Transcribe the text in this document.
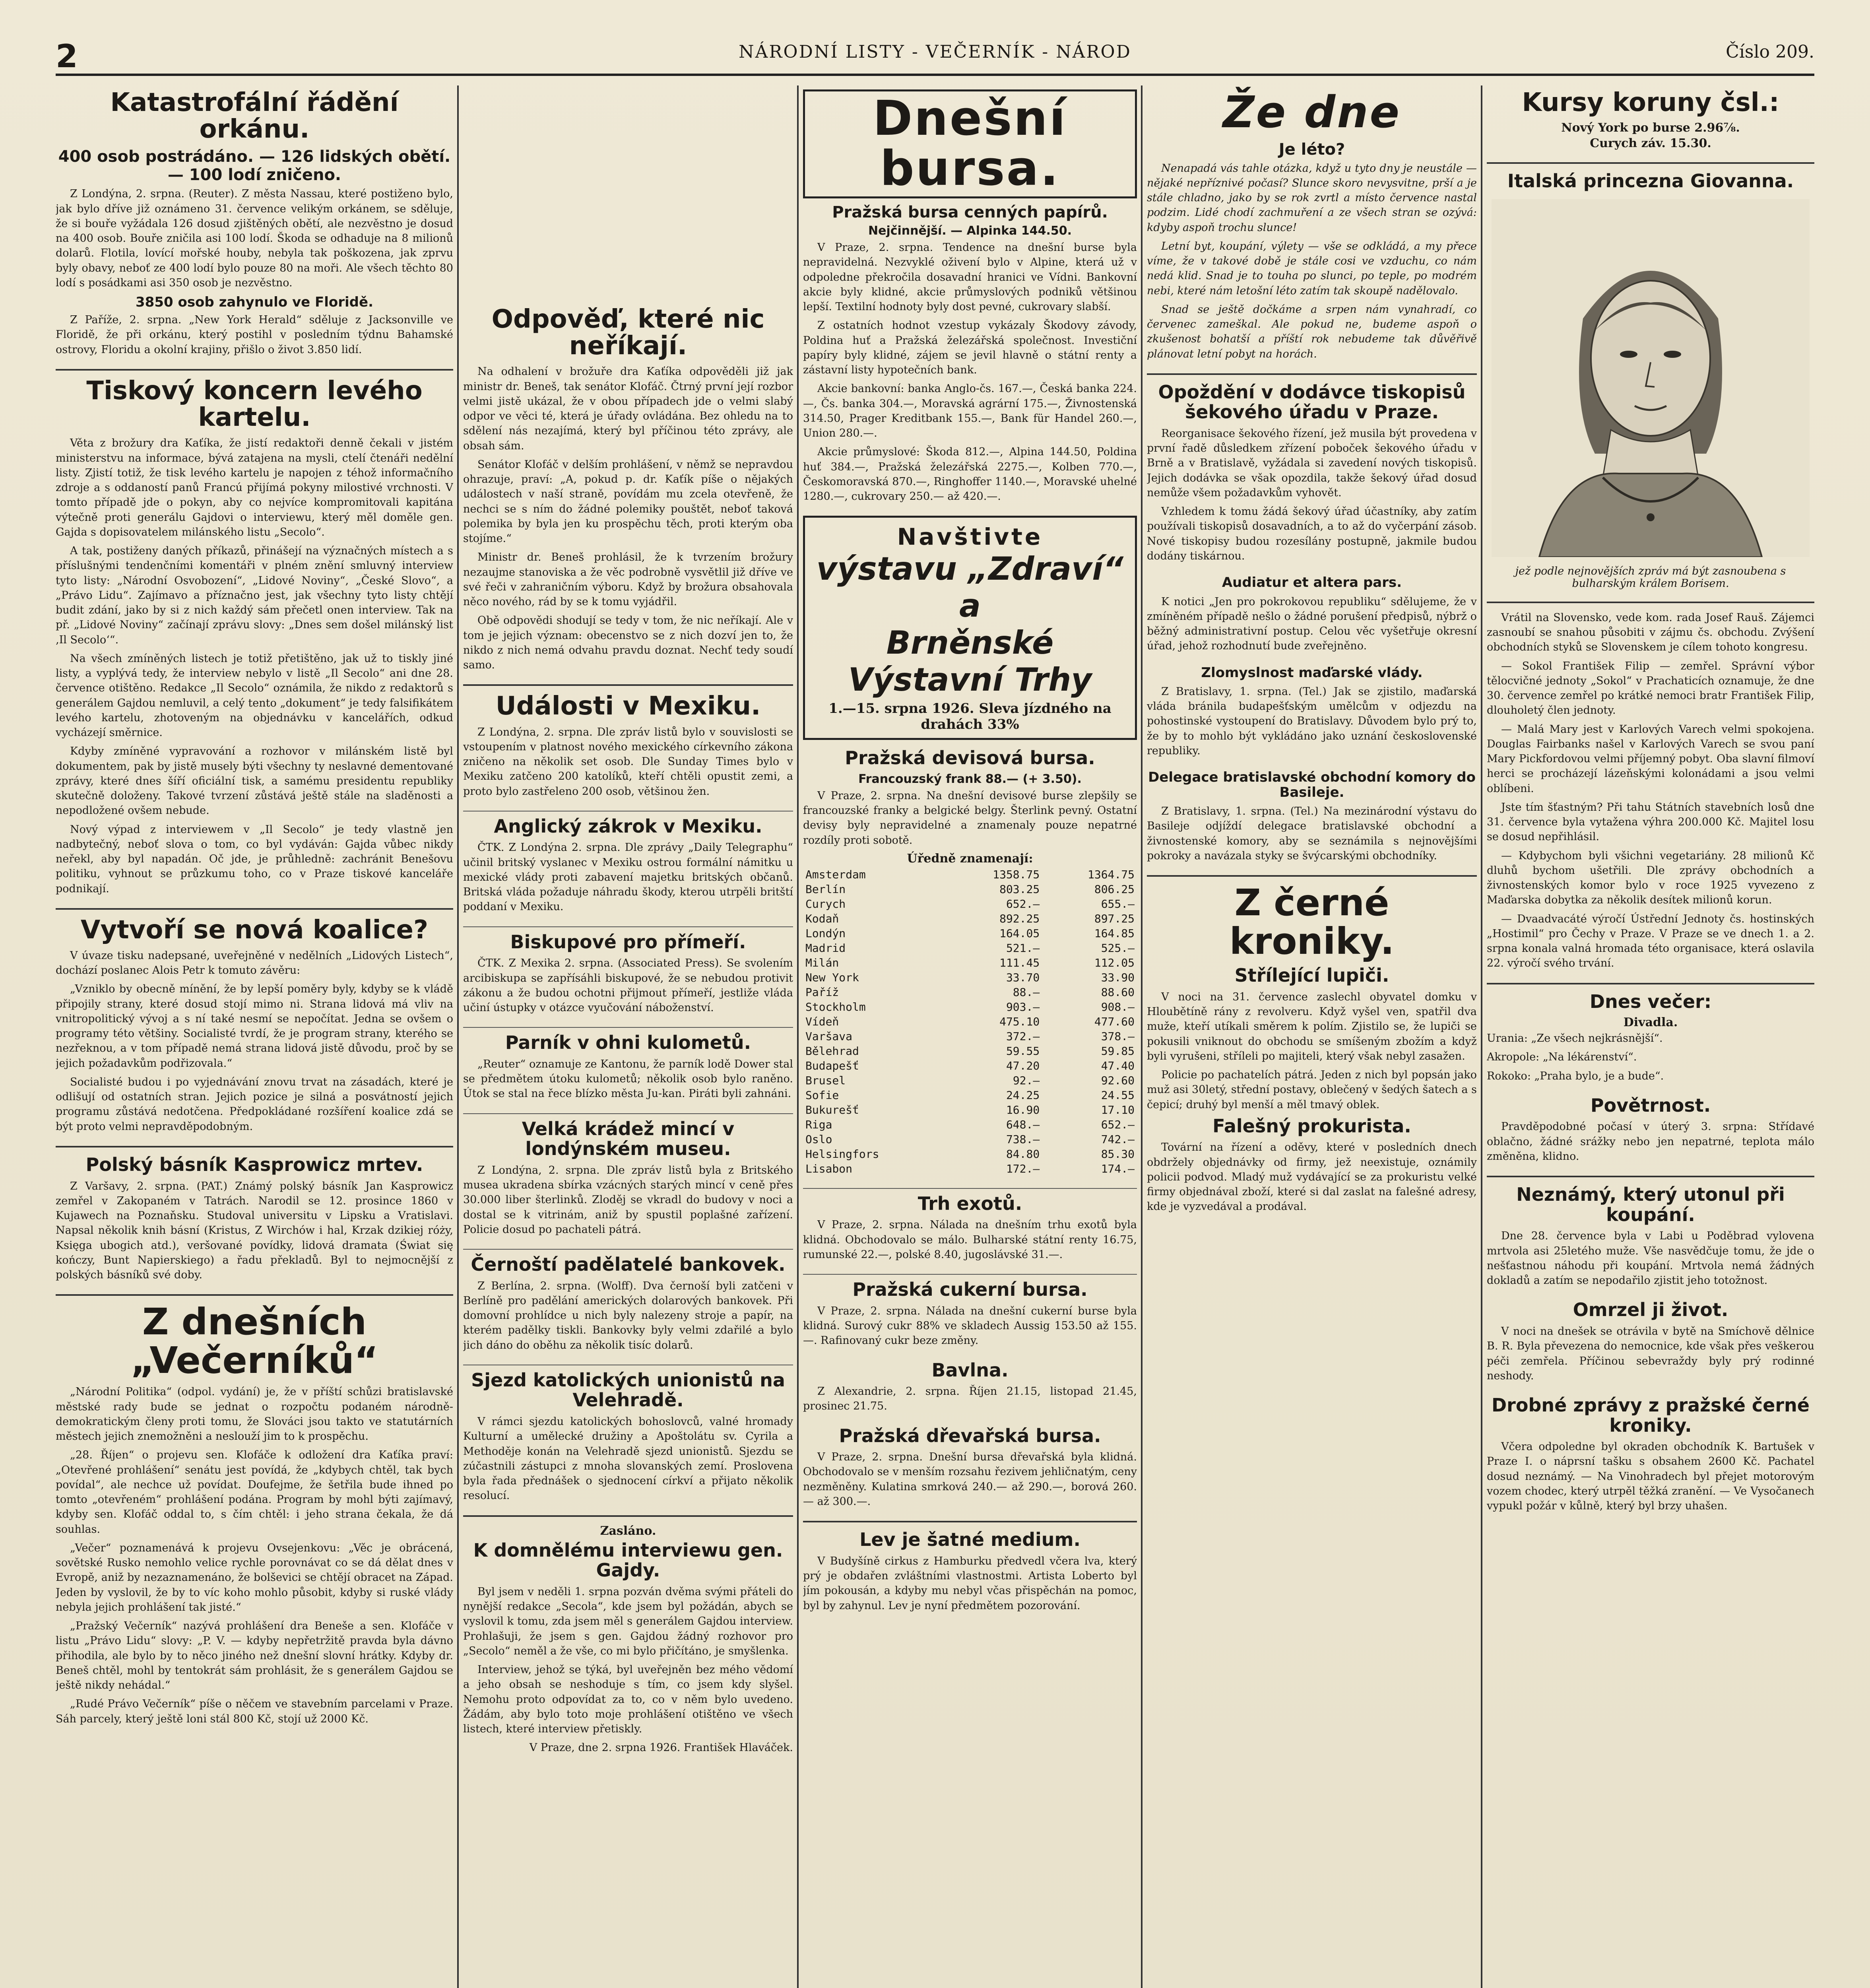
2	NÁRODNÍ LISTY - VEČERNÍK - NÁROD	Číslo 209.
Katastrofální řádění orkánu.
400 osob postrádáno. — 126 lidských obětí. — 100 lodí zničeno.

Z Londýna, 2. srpna. (Reuter). Z města Nassau, které postiženo bylo, jak bylo dříve již oznámeno 31. července velikým orkánem, se sděluje, že si bouře vyžádala 126 dosud zjištěných obětí, ale nezvěstno je dosud na 400 osob. Bouře zničila asi 100 lodí. Škoda se odhaduje na 8 milionů dolarů. Flotila, lovící mořské houby, nebyla tak poškozena, jak zprvu byly obavy, neboť ze 400 lodí bylo pouze 80 na moři. Ale všech těchto 80 lodí s posádkami asi 350 osob je nezvěstno.

3850 osob zahynulo ve Floridě.

Z Paříže, 2. srpna. „New York Herald“ sděluje z Jacksonville ve Floridě, že při orkánu, který postihl v posledním týdnu Bahamské ostrovy, Floridu a okolní krajiny, přišlo o život 3.850 lidí.

Tiskový koncern levého kartelu.

Věta z brožury dra Kaťíka, že jistí redaktoři denně čekali v jistém ministerstvu na informace, bývá zatajena na mysli, ctelí čtenáři nedělní listy. Zjistí totiž, že tisk levého kartelu je napojen z téhož informačního zdroje a s oddaností panů Francú přijímá pokyny milostivé vrchnosti. V tomto případě jde o pokyn, aby co nejvíce kompromitovali kapitána výtečně proti generálu Gajdovi o interviewu, který měl doměle gen. Gajda s dopisovatelem milánského listu „Secolo“.

A tak, postiženy daných příkazů, přinášejí na význačných místech a s příslušnými tendenčními komentáři v plném znění smluvný interview tyto listy: „Národní Osvobození“, „Lidové Noviny“, „České Slovo“, a „Právo Lidu“. Zajímavo a příznačno jest, jak všechny tyto listy chtějí budit zdání, jako by si z nich každý sám přečetl onen interview. Tak na př. „Lidové Noviny“ začínají zprávu slovy: „Dnes sem došel milánský list ‚Il Secolo‘“.

Na všech zmíněných listech je totiž přetištěno, jak už to tiskly jiné listy, a vyplývá tedy, že interview nebylo v listě „Il Secolo“ ani dne 28. července otištěno. Redakce „Il Secolo“ oznámila, že nikdo z redaktorů s generálem Gajdou nemluvil, a celý tento „dokument“ je tedy falsifikátem levého kartelu, zhotoveným na objednávku v kancelářích, odkud vycházejí směrnice.

Kdyby zmíněné vypravování a rozhovor v milánském listě byl dokumentem, pak by jistě musely býti všechny ty neslavné dementované zprávy, které dnes šíří oficiální tisk, a samému presidentu republiky skutečně doloženy. Takové tvrzení zůstává ještě stále na sladěnosti a nepodložené ovšem nebude.

Nový výpad z interviewem v „Il Secolo“ je tedy vlastně jen nadbytečný, neboť slova o tom, co byl vydáván: Gajda vůbec nikdy neřekl, aby byl napadán. Oč jde, je průhledně: zachránit Benešovu politiku, vyhnout se průzkumu toho, co v Praze tiskové kanceláře podnikají.

Vytvoří se nová koalice?

V úvaze tisku nadepsané, uveřejněné v nedělních „Lidových Listech“, dochází poslanec Alois Petr k tomuto závěru:

„Vzniklo by obecně mínění, že by lepší poměry byly, kdyby se k vládě připojily strany, které dosud stojí mimo ni. Strana lidová má vliv na vnitropolitický vývoj a s ní také nesmí se nepočítat. Jedna se ovšem o programy této většiny. Socialisté tvrdí, že je program strany, kterého se nezřeknou, a v tom případě nemá strana lidová jistě důvodu, proč by se jejich požadavkům podřizovala.“

Socialisté budou i po vyjednávání znovu trvat na zásadách, které je odlišují od ostatních stran. Jejich pozice je silná a posvátností jejich programu zůstává nedotčena. Předpokládané rozšíření koalice zdá se být proto velmi nepravděpodobným.

Polský básník Kasprowicz mrtev.

Z Varšavy, 2. srpna. (PAT.) Známý polský básník Jan Kasprowicz zemřel v Zakopaném v Tatrách. Narodil se 12. prosince 1860 v Kujawech na Poznaňsku. Studoval universitu v Lipsku a Vratislavi. Napsal několik knih básní (Kristus, Z Wirchów i hal, Krzak dzikiej róży, Księga ubogich atd.), veršované povídky, lidová dramata (Świat się kończy, Bunt Napierskiego) a řadu překladů. Byl to nejmocnější z polských básníků své doby.

Z dnešních „Večerníků“

„Národní Politika“ (odpol. vydání) je, že v příští schůzi bratislavské městské rady bude se jednat o rozpočtu podaném národně-demokratickým členy proti tomu, že Slováci jsou takto ve statutárních městech jejich znemožněni a neslouží jim to k prospěchu.

„28. Říjen“ o projevu sen. Klofáče k odložení dra Kaťíka praví: „Otevřené prohlášení“ senátu jest povídá, že „kdybych chtěl, tak bych povídal“, ale nechce už povídat. Doufejme, že šetřila bude ihned po tomto „otevřeném“ prohlášení podána. Program by mohl býti zajímavý, kdyby sen. Klofáč oddal to, s čím chtěl: i jeho strana čekala, že dá souhlas.

„Večer“ poznamenává k projevu Ovsejenkovu: „Věc je obrácená, sovětské Rusko nemohlo velice rychle porovnávat co se dá dělat dnes v Evropě, aniž by nezaznamenáno, že bolševici se chtějí obracet na Západ. Jeden by vyslovil, že by to víc koho mohlo působit, kdyby si ruské vlády nebyla jejich prohlášení tak jisté.“

„Pražský Večerník“ nazývá prohlášení dra Beneše a sen. Klofáče v listu „Právo Lidu“ slovy: „P. V. — kdyby nepřetržitě pravda byla dávno přihodila, ale bylo by to něco jiného než dnešní slovní hrátky. Kdyby dr. Beneš chtěl, mohl by tentokrát sám prohlásit, že s generálem Gajdou se ještě nikdy nehádal.“

„Rudé Právo Večerník“ píše o něčem ve stavebním parcelami v Praze. Sáh parcely, který ještě loni stál 800 Kč, stojí už 2000 Kč.

Odpověď, které nic neříkají.

Na odhalení v brožuře dra Kaťíka odpověděli již jak ministr dr. Beneš, tak senátor Klofáč. Čtrný první její rozbor velmi jistě ukázal, že v obou případech jde o velmi slabý odpor ve věci té, která je úřady ovládána. Bez ohledu na to sdělení nás nezajímá, který byl příčinou této zprávy, ale obsah sám.

Senátor Klofáč v delším prohlášení, v němž se nepravdou ohrazuje, praví: „A, pokud p. dr. Kaťík píše o nějakých událostech v naší straně, povídám mu zcela otevřeně, že nechci se s ním do žádné polemiky pouštět, neboť taková polemika by byla jen ku prospěchu těch, proti kterým oba stojíme.“

Ministr dr. Beneš prohlásil, že k tvrzením brožury nezaujme stanoviska a že věc podrobně vysvětlil již dříve ve své řeči v zahraničním výboru. Když by brožura obsahovala něco nového, rád by se k tomu vyjádřil.

Obě odpovědi shodují se tedy v tom, že nic neříkají. Ale v tom je jejich význam: obecenstvo se z nich dozví jen to, že nikdo z nich nemá odvahu pravdu doznat. Nechť tedy soudí samo.

Události v Mexiku.

Z Londýna, 2. srpna. Dle zpráv listů bylo v souvislosti se vstoupením v platnost nového mexického církevního zákona zničeno na několik set osob. Dle Sunday Times bylo v Mexiku zatčeno 200 katolíků, kteří chtěli opustit zemi, a proto bylo zastřeleno 200 osob, většinou žen.

Anglický zákrok v Mexiku.

ČTK. Z Londýna 2. srpna. Dle zprávy „Daily Telegraphu“ učinil britský vyslanec v Mexiku ostrou formální námitku u mexické vlády proti zabavení majetku britských občanů. Britská vláda požaduje náhradu škody, kterou utrpěli britští poddaní v Mexiku.

Biskupové pro přímeří.

ČTK. Z Mexika 2. srpna. (Associated Press). Se svolením arcibiskupa se zapřísáhli biskupové, že se nebudou protivit zákonu a že budou ochotni přijmout přímeří, jestliže vláda učiní ústupky v otázce vyučování náboženství.

Parník v ohni kulometů.

„Reuter“ oznamuje ze Kantonu, že parník lodě Dower stal se předmětem útoku kulometů; několik osob bylo raněno. Útok se stal na řece blízko města Ju-kan. Piráti byli zahnáni.

Velká krádež mincí v londýnském museu.

Z Londýna, 2. srpna. Dle zpráv listů byla z Britského musea ukradena sbírka vzácných starých mincí v ceně přes 30.000 liber šterlinků. Zloděj se vkradl do budovy v noci a dostal se k vitrinám, aniž by spustil poplašné zařízení. Policie dosud po pachateli pátrá.

Černoští padělatelé bankovek.

Z Berlína, 2. srpna. (Wolff). Dva černoší byli zatčeni v Berlíně pro padělání amerických dolarových bankovek. Při domovní prohlídce u nich byly nalezeny stroje a papír, na kterém padělky tiskli. Bankovky byly velmi zdařilé a bylo jich dáno do oběhu za několik tisíc dolarů.

Sjezd katolických unionistů na Velehradě.

V rámci sjezdu katolických bohoslovců, valné hromady Kulturní a umělecké družiny a Apoštolátu sv. Cyrila a Methoděje konán na Velehradě sjezd unionistů. Sjezdu se zúčastnili zástupci z mnoha slovanských zemí. Proslovena byla řada přednášek o sjednocení církví a přijato několik resolucí.

Zasláno.
K domnělému interviewu gen. Gajdy.

Byl jsem v neděli 1. srpna pozván dvěma svými přáteli do nynější redakce „Secola“, kde jsem byl požádán, abych se vyslovil k tomu, zda jsem měl s generálem Gajdou interview. Prohlašuji, že jsem s gen. Gajdou žádný rozhovor pro „Secolo“ neměl a že vše, co mi bylo přičítáno, je smyšlenka.

Interview, jehož se týká, byl uveřejněn bez mého vědomí a jeho obsah se neshoduje s tím, co jsem kdy slyšel. Nemohu proto odpovídat za to, co v něm bylo uvedeno. Žádám, aby bylo toto moje prohlášení otištěno ve všech listech, které interview přetiskly.

V Praze, dne 2. srpna 1926. František Hlaváček.

Dnešní bursa.
Pražská bursa cenných papírů.
Nejčinnější. — Alpinka 144.50.

V Praze, 2. srpna. Tendence na dnešní burse byla nepravidelná. Nezvyklé oživení bylo v Alpine, která už v odpoledne překročila dosavadní hranici ve Vídni. Bankovní akcie byly klidné, akcie průmyslových podniků většinou lepší. Textilní hodnoty byly dost pevné, cukrovary slabší.

Z ostatních hodnot vzestup vykázaly Škodovy závody, Poldina huť a Pražská železářská společnost. Investiční papíry byly klidné, zájem se jevil hlavně o státní renty a zástavní listy hypotečních bank.

Akcie bankovní: banka Anglo-čs. 167.—, Česká banka 224.—, Čs. banka 304.—, Moravská agrární 175.—, Živnostenská 314.50, Prager Kreditbank 155.—, Bank für Handel 260.—, Union 280.—.

Akcie průmyslové: Škoda 812.—, Alpina 144.50, Poldina huť 384.—, Pražská železářská 2275.—, Kolben 770.—, Českomoravská 870.—, Ringhoffer 1140.—, Moravské uhelné 1280.—, cukrovary 250.— až 420.—.

Navštivte
výstavu „Zdraví“ a
Brněnské Výstavní Trhy
1.—15. srpna 1926. Sleva jízdného na drahách 33%
Pražská devisová bursa.
Francouzský frank 88.— (+ 3.50).

V Praze, 2. srpna. Na dnešní devisové burse zlepšily se francouzské franky a belgické belgy. Šterlink pevný. Ostatní devisy byly nepravidelné a znamenaly pouze nepatrné rozdíly proti sobotě.

Úředně znamenají:
Amsterdam	1358.75	1364.75
Berlín	803.25	806.25
Curych	652.—	655.—
Kodaň	892.25	897.25
Londýn	164.05	164.85
Madrid	521.—	525.—
Milán	111.45	112.05
New York	33.70	33.90
Paříž	88.—	88.60
Stockholm	903.—	908.—
Vídeň	475.10	477.60
Varšava	372.—	378.—
Bělehrad	59.55	59.85
Budapešť	47.20	47.40
Brusel	92.—	92.60
Sofie	24.25	24.55
Bukurešť	16.90	17.10
Riga	648.—	652.—
Oslo	738.—	742.—
Helsingfors	84.80	85.30
Lisabon	172.—	174.—
Trh exotů.

V Praze, 2. srpna. Nálada na dnešním trhu exotů byla klidná. Obchodovalo se málo. Bulharské státní renty 16.75, rumunské 22.—, polské 8.40, jugoslávské 31.—.

Pražská cukerní bursa.

V Praze, 2. srpna. Nálada na dnešní cukerní burse byla klidná. Surový cukr 88% ve skladech Aussig 153.50 až 155.—. Rafinovaný cukr beze změny.

Bavlna.

Z Alexandrie, 2. srpna. Říjen 21.15, listopad 21.45, prosinec 21.75.

Pražská dřevařská bursa.

V Praze, 2. srpna. Dnešní bursa dřevařská byla klidná. Obchodovalo se v menším rozsahu řezivem jehličnatým, ceny nezměněny. Kulatina smrková 240.— až 290.—, borová 260.— až 300.—.

Lev je šatné medium.

V Budyšíně cirkus z Hamburku předvedl včera lva, který prý je obdařen zvláštními vlastnostmi. Artista Loberto byl jím pokousán, a kdyby mu nebyl včas přispěchán na pomoc, byl by zahynul. Lev je nyní předmětem pozorování.

Že dne
Je léto?

Nenapadá vás tahle otázka, když u tyto dny je neustále — nějaké nepříznivé počasí? Slunce skoro nevysvitne, prší a je stále chladno, jako by se rok zvrtl a místo července nastal podzim. Lidé chodí zachmuření a ze všech stran se ozývá: kdyby aspoň trochu slunce!

Letní byt, koupání, výlety — vše se odkládá, a my přece víme, že v takové době je stále cosi ve vzduchu, co nám nedá klid. Snad je to touha po slunci, po teple, po modrém nebi, které nám letošní léto zatím tak skoupě nadělovalo.

Snad se ještě dočkáme a srpen nám vynahradí, co červenec zameškal. Ale pokud ne, budeme aspoň o zkušenost bohatší a příští rok nebudeme tak důvěřivě plánovat letní pobyt na horách.

Opoždění v dodávce tiskopisů šekového úřadu v Praze.

Reorganisace šekového řízení, jež musila být provedena v první řadě důsledkem zřízení poboček šekového úřadu v Brně a v Bratislavě, vyžádala si zavedení nových tiskopisů. Jejich dodávka se však opozdila, takže šekový úřad dosud nemůže všem požadavkům vyhovět.

Vzhledem k tomu žádá šekový úřad účastníky, aby zatím používali tiskopisů dosavadních, a to až do vyčerpání zásob. Nové tiskopisy budou rozesílány postupně, jakmile budou dodány tiskárnou.

Audiatur et altera pars.

K notici „Jen pro pokrokovou republiku“ sdělujeme, že v zmíněném případě nešlo o žádné porušení předpisů, nýbrž o běžný administrativní postup. Celou věc vyšetřuje okresní úřad, jehož rozhodnutí bude zveřejněno.

Zlomyslnost maďarské vlády.

Z Bratislavy, 1. srpna. (Tel.) Jak se zjistilo, maďarská vláda bránila budapešťským umělcům v odjezdu na pohostinské vystoupení do Bratislavy. Důvodem bylo prý to, že by to mohlo být vykládáno jako uznání československé republiky.

Delegace bratislavské obchodní komory do Basileje.

Z Bratislavy, 1. srpna. (Tel.) Na mezinárodní výstavu do Basileje odjíždí delegace bratislavské obchodní a živnostenské komory, aby se seznámila s nejnovějšími pokroky a navázala styky se švýcarskými obchodníky.

Z černé kroniky.
Střílející lupiči.

V noci na 31. července zaslechl obyvatel domku v Hloubětíně rány z revolveru. Když vyšel ven, spatřil dva muže, kteří utíkali směrem k polím. Zjistilo se, že lupiči se pokusili vniknout do obchodu se smíšeným zbožím a když byli vyrušeni, stříleli po majiteli, který však nebyl zasažen.

Policie po pachatelích pátrá. Jeden z nich byl popsán jako muž asi 30letý, střední postavy, oblečený v šedých šatech a s čepicí; druhý byl menší a měl tmavý oblek.

Falešný prokurista.

Tovární na řízení a oděvy, které v posledních dnech obdržely objednávky od firmy, jež neexistuje, oznámily policii podvod. Mladý muž vydávající se za prokuristu velké firmy objednával zboží, které si dal zaslat na falešné adresy, kde je vyzvedával a prodával.

Kursy koruny čsl.:
Nový York po burse 2.96⅞.
Curych záv. 15.30.
Italská princezna Giovanna.
jež podle nejnovějších zpráv má být zasnoubena s bulharským králem Borisem.

Vrátil na Slovensko, vede kom. rada Josef Rauš. Zájemci zasnoubí se snahou působiti v zájmu čs. obchodu. Zvýšení obchodních styků se Slovenskem je cílem tohoto kongresu.

— Sokol František Filip — zemřel. Správní výbor tělocvičné jednoty „Sokol“ v Prachaticích oznamuje, že dne 30. července zemřel po krátké nemoci bratr František Filip, dlouholetý člen jednoty.

— Malá Mary jest v Karlových Varech velmi spokojena. Douglas Fairbanks našel v Karlových Varech se svou paní Mary Pickfordovou velmi příjemný pobyt. Oba slavní filmoví herci se procházejí lázeňskými kolonádami a jsou velmi oblíbeni.

Jste tím šťastným? Při tahu Státních stavebních losů dne 31. července byla vytažena výhra 200.000 Kč. Majitel losu se dosud nepřihlásil.

— Kdybychom byli všichni vegetariány. 28 milionů Kč dluhů bychom ušetřili. Dle zprávy obchodních a živnostenských komor bylo v roce 1925 vyvezeno z Maďarska dobytka za několik desítek milionů korun.

— Dvaadvacáté výročí Ústřední Jednoty čs. hostinských „Hostimil“ pro Čechy v Praze. V Praze se ve dnech 1. a 2. srpna konala valná hromada této organisace, která oslavila 22. výročí svého trvání.

Dnes večer:
Divadla.

Urania: „Ze všech nejkrásnější“.

Akropole: „Na lékárenství“.

Rokoko: „Praha bylo, je a bude“.

Povětrnost.

Pravděpodobné počasí v úterý 3. srpna: Střídavé oblačno, žádné srážky nebo jen nepatrné, teplota málo změněna, klidno.

Neznámý, který utonul při koupání.

Dne 28. července byla v Labi u Poděbrad vylovena mrtvola asi 25letého muže. Vše nasvědčuje tomu, že jde o nešťastnou náhodu při koupání. Mrtvola nemá žádných dokladů a zatím se nepodařilo zjistit jeho totožnost.

Omrzel ji život.

V noci na dnešek se otrávila v bytě na Smíchově dělnice B. R. Byla převezena do nemocnice, kde však přes veškerou péči zemřela. Příčinou sebevraždy byly prý rodinné neshody.

Drobné zprávy z pražské černé kroniky.

Včera odpoledne byl okraden obchodník K. Bartušek v Praze I. o náprsní tašku s obsahem 2600 Kč. Pachatel dosud neznámý. — Na Vinohradech byl přejet motorovým vozem chodec, který utrpěl těžká zranění. — Ve Vysočanech vypukl požár v kůlně, který byl brzy uhašen.
